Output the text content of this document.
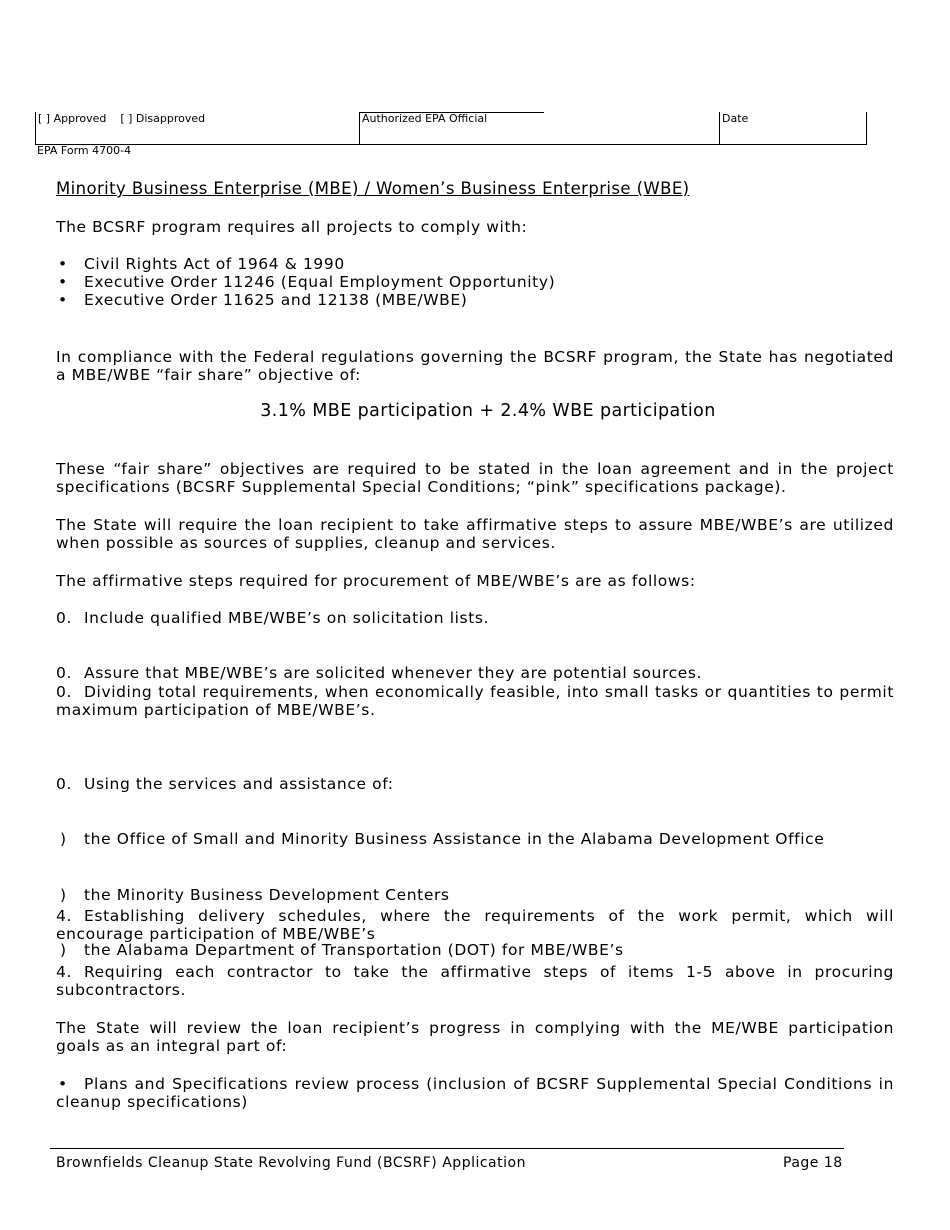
[ ] Approved    [ ] Disapproved	Authorized EPA Official	Date
EPA Form 4700-4
Minority Business Enterprise (MBE) / Women’s Business Enterprise (WBE)
The BCSRF program requires all projects to comply with:
• Civil Rights Act of 1964 & 1990
• Executive Order 11246 (Equal Employment Opportunity)
• Executive Order 11625 and 12138 (MBE/WBE)
In compliance with the Federal regulations governing the BCSRF program, the State has negotiated a MBE/WBE “fair share” objective of:
3.1% MBE participation + 2.4% WBE participation
These “fair share” objectives are required to be stated in the loan agreement and in the project specifications (BCSRF Supplemental Special Conditions; “pink” specifications package).
The State will require the loan recipient to take affirmative steps to assure MBE/WBE’s are utilized when possible as sources of supplies, cleanup and services.
The affirmative steps required for procurement of MBE/WBE’s are as follows:
0. Include qualified MBE/WBE’s on solicitation lists.
0. Assure that MBE/WBE’s are solicited whenever they are potential sources.
0. Dividing total requirements, when economically feasible, into small tasks or quantities to permit maximum participation of MBE/WBE’s.
0. Using the services and assistance of:
) the Office of Small and Minority Business Assistance in the Alabama Development Office
) the Minority Business Development Centers
) the Alabama Department of Transportation (DOT) for MBE/WBE’s
4. Establishing delivery schedules, where the requirements of the work permit, which will encourage participation of MBE/WBE’s
4. Requiring each contractor to take the affirmative steps of items 1-5 above in procuring subcontractors.
The State will review the loan recipient’s progress in complying with the ME/WBE participation goals as an integral part of:
• Plans and Specifications review process (inclusion of BCSRF Supplemental Special Conditions in cleanup specifications)
Brownfields Cleanup State Revolving Fund (BCSRF) Application	Page 18
